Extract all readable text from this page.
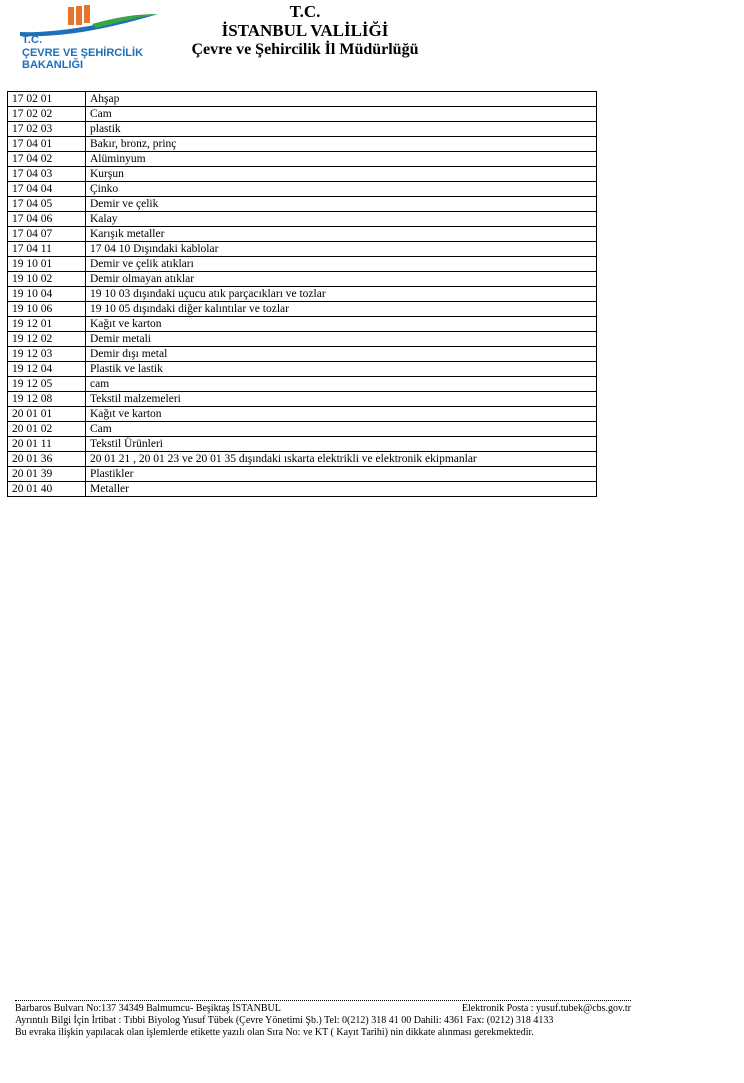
T.C.
ÇEVRE VE ŞEHİRCİLİK
BAKANLIĞI
T.C.
İSTANBUL VALİLİĞİ
Çevre ve Şehircilik İl Müdürlüğü
17 02 01	Ahşap
17 02 02	Cam
17 02 03	plastik
17 04 01	Bakır, bronz, prinç
17 04 02	Alüminyum
17 04 03	Kurşun
17 04 04	Çinko
17 04 05	Demir ve çelik
17 04 06	Kalay
17 04 07	Karışık metaller
17 04 11	17 04 10 Dışındaki kablolar
19 10 01	Demir ve çelik atıkları
19 10 02	Demir olmayan atıklar
19 10 04	19 10 03 dışındaki uçucu atık parçacıkları ve tozlar
19 10 06	19 10 05 dışındaki diğer kalıntılar ve tozlar
19 12 01	Kağıt ve karton
19 12 02	Demir metali
19 12 03	Demir dışı metal
19 12 04	Plastik ve lastik
19 12 05	cam
19 12 08	Tekstil malzemeleri
20 01 01	Kağıt ve karton
20 01 02	Cam
20 01 11	Tekstil Ürünleri
20 01 36	20 01 21 , 20 01 23 ve 20 01 35 dışındaki ıskarta elektrikli ve elektronik ekipmanlar
20 01 39	Plastikler
20 01 40	Metaller
Barbaros Bulvarı No:137 34349 Balmumcu- Beşiktaş İSTANBUL	Elektronik Posta : yusuf.tubek@cbs.gov.tr
Ayrıntılı Bilgi İçin İrtibat : Tıbbi Biyolog Yusuf Tübek (Çevre Yönetimi Şb.) Tel: 0(212) 318 41 00 Dahili: 4361 Fax: (0212) 318 4133
Bu evraka ilişkin yapılacak olan işlemlerde etikette yazılı olan Sıra No: ve KT ( Kayıt Tarihi) nin dikkate alınması gerekmektedir.
